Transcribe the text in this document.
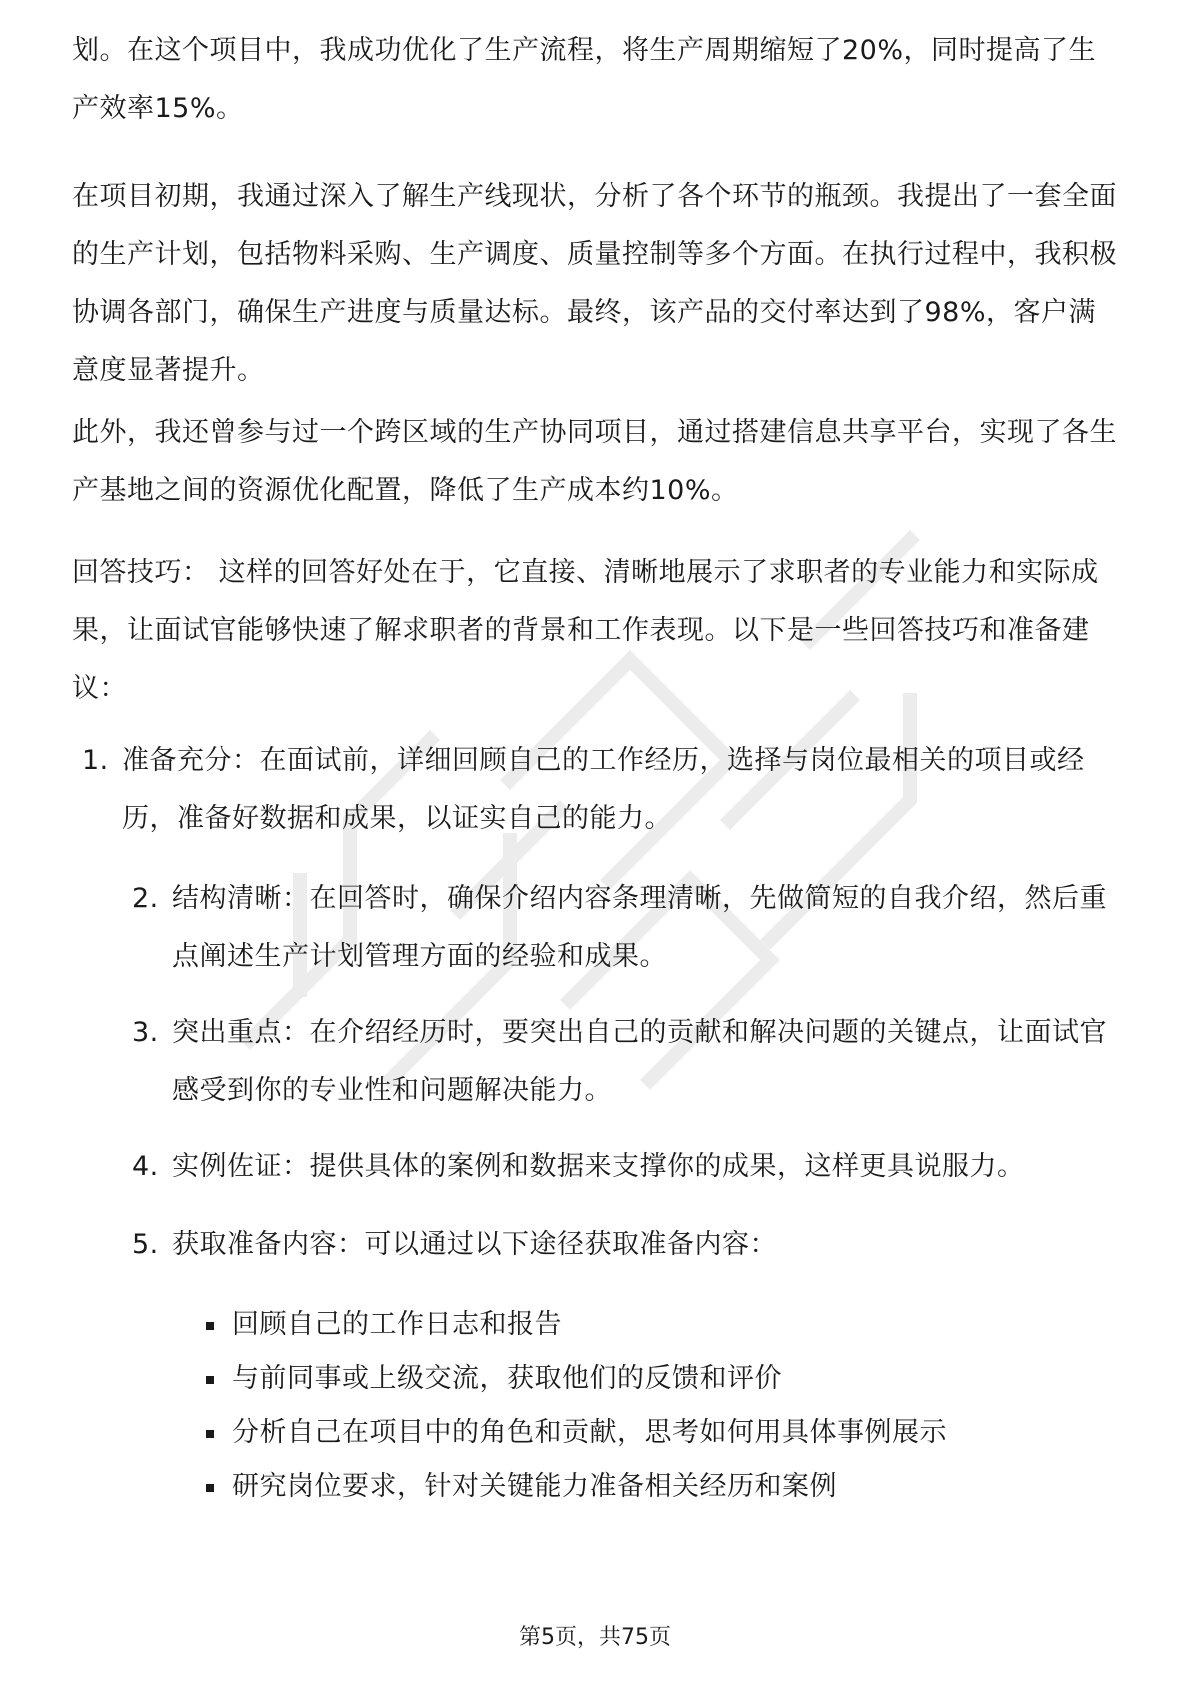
划。在这个项目中，我成功优化了生产流程，将生产周期缩短了20%，同时提高了生产效率15%。

在项目初期，我通过深入了解生产线现状，分析了各个环节的瓶颈。我提出了一套全面的生产计划，包括物料采购、生产调度、质量控制等多个方面。在执行过程中，我积极协调各部门，确保生产进度与质量达标。最终，该产品的交付率达到了98%，客户满意度显著提升。

此外，我还曾参与过一个跨区域的生产协同项目，通过搭建信息共享平台，实现了各生产基地之间的资源优化配置，降低了生产成本约10%。

回答技巧： 这样的回答好处在于，它直接、清晰地展示了求职者的专业能力和实际成果，让面试官能够快速了解求职者的背景和工作表现。以下是一些回答技巧和准备建议：

1. 准备充分：在面试前，详细回顾自己的工作经历，选择与岗位最相关的项目或经历，准备好数据和成果，以证实自己的能力。
2. 结构清晰：在回答时，确保介绍内容条理清晰，先做简短的自我介绍，然后重点阐述生产计划管理方面的经验和成果。
3. 突出重点：在介绍经历时，要突出自己的贡献和解决问题的关键点，让面试官感受到你的专业性和问题解决能力。
4. 实例佐证：提供具体的案例和数据来支撑你的成果，这样更具说服力。
5. 获取准备内容：可以通过以下途径获取准备内容：
回顾自己的工作日志和报告
与前同事或上级交流，获取他们的反馈和评价
分析自己在项目中的角色和贡献，思考如何用具体事例展示
研究岗位要求，针对关键能力准备相关经历和案例
第5页，共75页
